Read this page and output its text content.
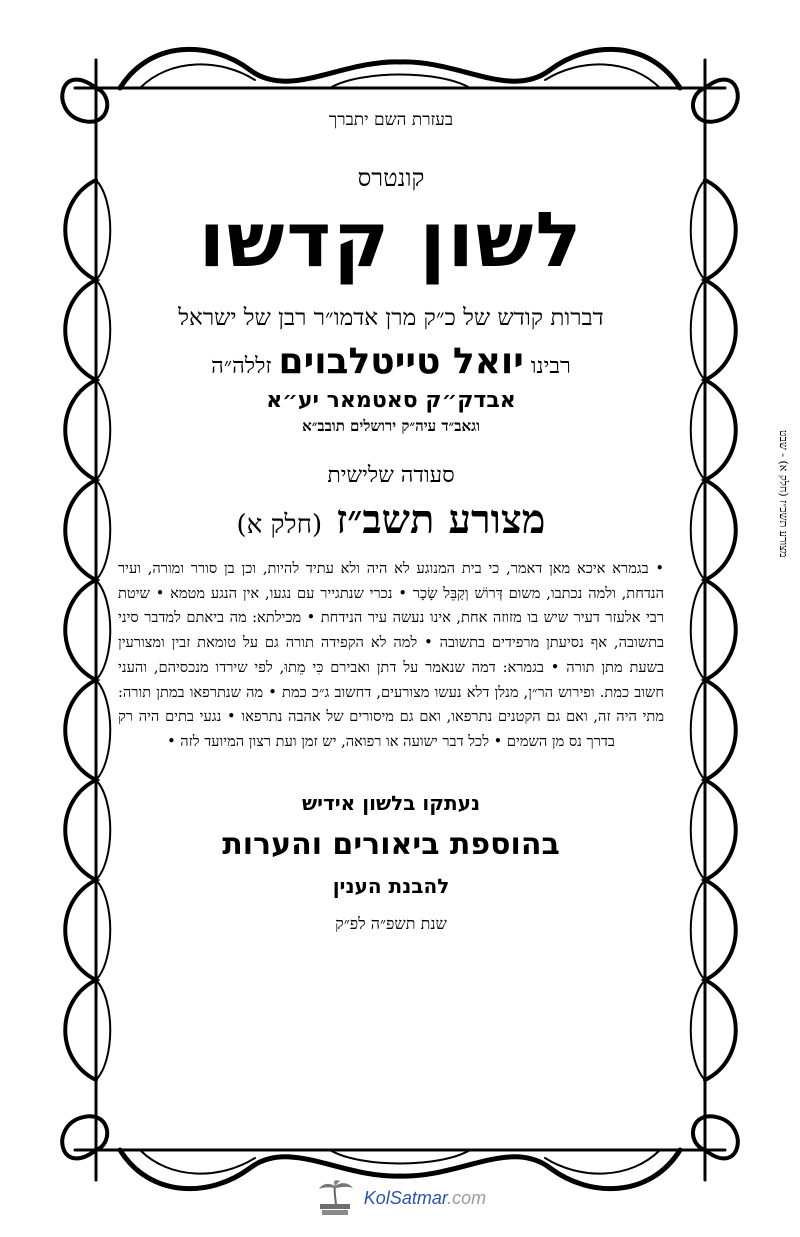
בעזרת השם יתברך
קונטרס
לשון קדשו
דברות קודש של כ״ק מרן אדמו״ר רבן של ישראל
רבינו יואל טייטלבוים זללה״ה
אבדק״ק סאטמאר יע״א
וגאב״ד עיה״ק ירושלים תובב״א
סעודה שלישית
מצורע תשב״ז (חלק א)
• בגמרא איכא מאן דאמר, כי בית המנוגע לא היה ולא עתיד להיות, וכן בן סורר ומורה, ועיר הנדחת, ולמה נכתבו, משום דְּרוֹשׁ וְקַבֵּל שָׂכָר • נכרי שנתגייר עם נגעו, אין הנגע מטמא • שיטת רבי אלעזר דעיר שיש בו מזוזה אחת, אינו נעשה עיר הנידחת • מכילתא: מה ביאתם למדבר סיני בתשובה, אף נסיעתן מרפידים בתשובה • למה לא הקפידה תורה גם על טומאת זבין ומצורעין בשעת מתן תורה • בגמרא: דמה שנאמר על דתן ואבירם כִּי מֵתוּ, לפי שירדו מנכסיהם, והעני חשוב כמת. ופירוש הר״ן, מנלן דלא נעשו מצורעים, דחשוב ג״כ כמת • מה שנתרפאו במתן תורה: מתי היה זה, ואם גם הקטנים נתרפאו, ואם גם מיסורים של אהבה נתרפאו • נגעי בתים היה רק בדרך נס מן השמים • לכל דבר ישועה או רפואה, יש זמן ועת רצון המיועד לזה •
נעתקו בלשון אידיש
בהוספת ביאורים והערות
להבנת הענין
שנת תשפ״ה לפ״ק
מצורע תשכ״ז (חלק א) - שבט
KolSatmar.com
